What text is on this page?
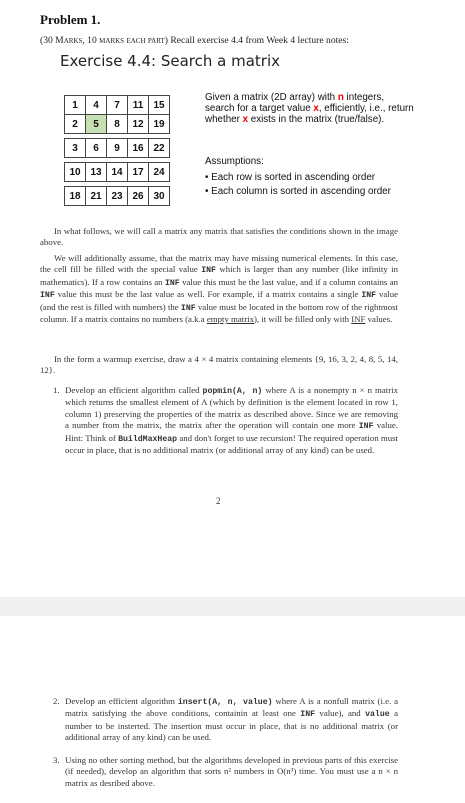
Problem 1.
(30 Marks, 10 marks each part) Recall exercise 4.4 from Week 4 lecture notes:
Exercise 4.4: Search a matrix
1	4	7	11	15
2	5	8	12	19

3	6	9	16	22

10	13	14	17	24

18	21	23	26	30
Given a matrix (2D array) with n integers, search for a target value x, efficiently, i.e., return whether x exists in the matrix (true/false).
Assumptions:
• Each row is sorted in ascending order
• Each column is sorted in ascending order
In what follows, we will call a matrix any matrix that satisfies the conditions shown in the image above.
We will additionally assume, that the matrix may have missing numerical elements. In this case, the cell fill be filled with the special value INF which is larger than any number (like infinity in mathematics). If a row contains an INF value this must be the last value, and if a column contains an INF value this must be the last value as well. For example, if a matrix contains a single INF value (and the rest is filled with numbers) the INF value must be located in the bottom row of the rightmost column. If a matrix contains no numbers (a.k.a empty matrix), it will be filled only with INF values.
In the form a warmup exercise, draw a 4 × 4 matrix containing elements {9, 16, 3, 2, 4, 8, 5, 14, 12}.
1. Develop an efficient algorithm called popmin(A, n) where A is a nonempty n × n matrix which returns the smallest element of A (which by definition is the element located in row 1, column 1) preserving the properties of the matrix as described above. Since we are removing a number from the matrix, the matrix after the operation will contain one more INF value. Hint: Think of BuildMaxHeap and don't forget to use recursion! The required operation must occur in place, that is no additional matrix (or additional array of any kind) can be used.
2
2. Develop an efficient algorithm insert(A, n, value) where A is a nonfull matrix (i.e. a matrix satisfying the above conditions, containin at least one INF value), and value a number to be insterted. The insertion must occur in place, that is no additional matrix (or additional array of any kind) can be used.
3. Using no other sorting method, but the algorithms developed in previous parts of this exercise (if needed), develop an algorithm that sorts n² numbers in O(n³) time. You must use a n × n matrix as desribed above.
